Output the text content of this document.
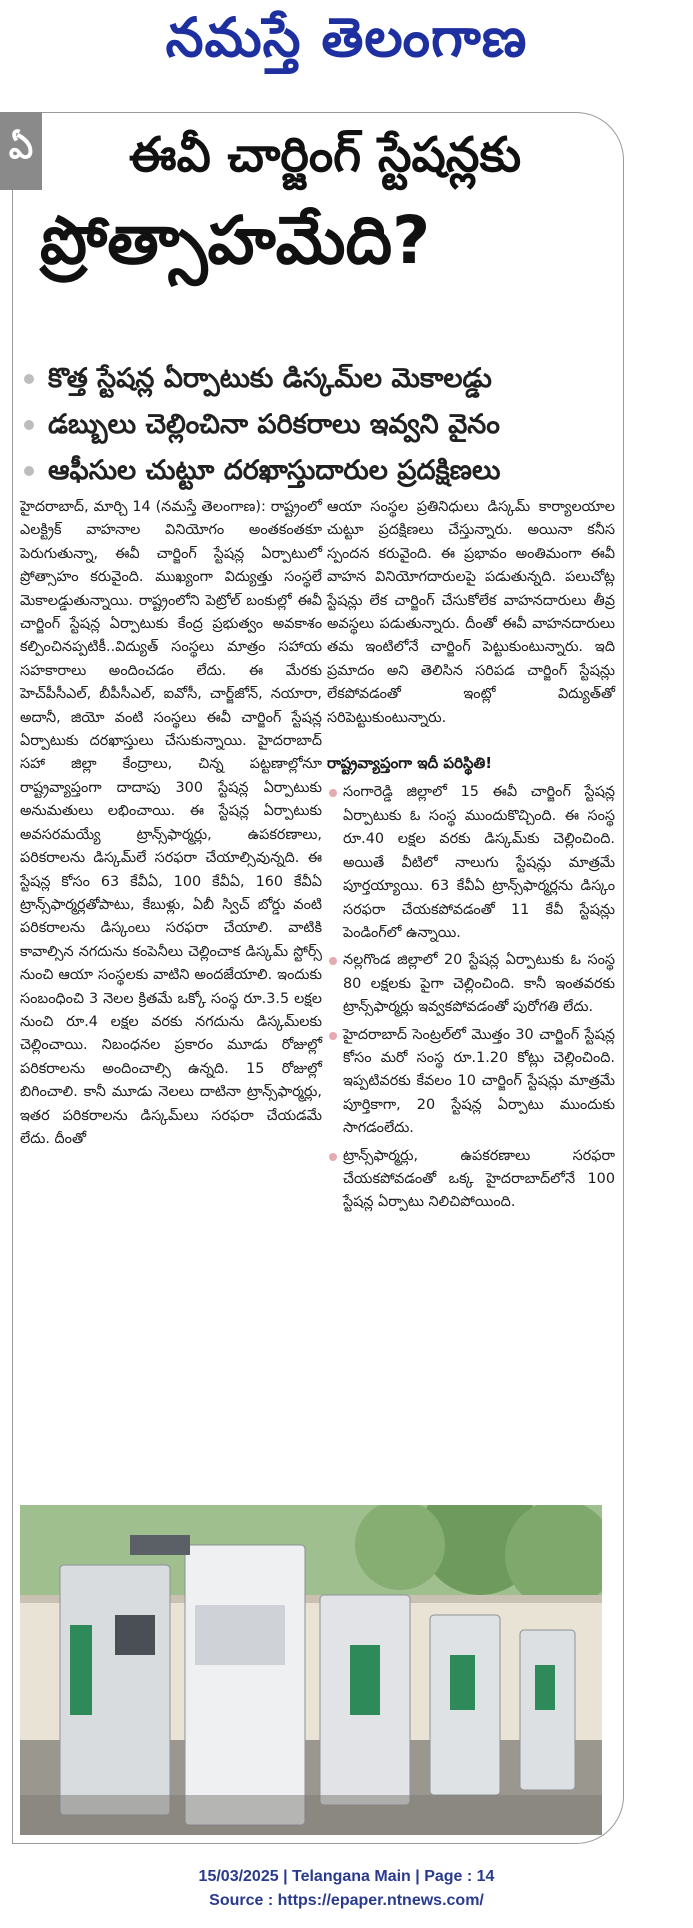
నమస్తే తెలంగాణ
ఏ	ఈవీ చార్జింగ్ స్టేషన్లకు
ప్రోత్సాహమేది?
కొత్త స్టేషన్ల ఏర్పాటుకు డిస్కమ్‌ల మెకాలడ్డు
డబ్బులు చెల్లించినా పరికరాలు ఇవ్వని వైనం
ఆఫీసుల చుట్టూ దరఖాస్తుదారుల ప్రదక్షిణలు

హైదరాబాద్, మార్చి 14 (నమస్తే తెలంగాణ): రాష్ట్రంలో ఎలక్ట్రిక్ వాహనాల వినియోగం అంతకంతకూ పెరుగుతున్నా, ఈవీ చార్జింగ్ స్టేషన్ల ఏర్పాటులో ప్రోత్సాహం కరువైంది. ముఖ్యంగా విద్యుత్తు సంస్థలే మెకాలడ్డుతున్నాయి. రాష్ట్రంలోని పెట్రోల్ బంకుల్లో ఈవీ చార్జింగ్ స్టేషన్ల ఏర్పాటుకు కేంద్ర ప్రభుత్వం అవకాశం కల్పించినప్పటికీ..విద్యుత్ సంస్థలు మాత్రం సహాయ సహకారాలు అందించడం లేదు. ఈ మేరకు హెచ్‌పీసీఎల్, బీపీసీఎల్, ఐవోసీ, చార్జ్‌జోన్, నయారా, అదానీ, జియో వంటి సంస్థలు ఈవీ చార్జింగ్ స్టేషన్ల ఏర్పాటుకు దరఖాస్తులు చేసుకున్నాయి. హైదరాబాద్ సహా జిల్లా కేంద్రాలు, చిన్న పట్టణాల్లోనూ రాష్ట్రవ్యాప్తంగా దాదాపు 300 స్టేషన్ల ఏర్పాటుకు అనుమతులు లభించాయి. ఈ స్టేషన్ల ఏర్పాటుకు అవసరమయ్యే ట్రాన్స్‌ఫార్మర్లు, ఉపకరణాలు, పరికరాలను డిస్కమ్‌లే సరఫరా చేయాల్సివున్నది. ఈ స్టేషన్ల కోసం 63 కేవీఏ, 100 కేవీఏ, 160 కేవీఏ ట్రాన్స్‌ఫార్మర్లతోపాటు, కేబుళ్లు, ఏబీ స్విచ్ బోర్డు వంటి పరికరాలను డిస్కంలు సరఫరా చేయాలి. వాటికి కావాల్సిన నగదును కంపెనీలు చెల్లించాక డిస్కమ్ స్టోర్స్ నుంచి ఆయా సంస్థలకు వాటిని అందజేయాలి. ఇందుకు సంబంధించి 3 నెలల క్రితమే ఒక్కో సంస్థ రూ.3.5 లక్షల నుంచి రూ.4 లక్షల వరకు నగదును డిస్కమ్‌లకు చెల్లించాయి. నిబంధనల ప్రకారం మూడు రోజుల్లో పరికరాలను అందించాల్సి ఉన్నది. 15 రోజుల్లో బిగించాలి. కానీ మూడు నెలలు దాటినా ట్రాన్స్‌ఫార్మర్లు, ఇతర పరికరాలను డిస్కమ్‌లు సరఫరా చేయడమే లేదు. దీంతో

ఆయా సంస్థల ప్రతినిధులు డిస్కమ్ కార్యాలయాల చుట్టూ ప్రదక్షిణలు చేస్తున్నారు. అయినా కనీస స్పందన కరువైంది. ఈ ప్రభావం అంతిమంగా ఈవీ వాహన వినియోగదారులపై పడుతున్నది. పలుచోట్ల స్టేషన్లు లేక చార్జింగ్ చేసుకోలేక వాహనదారులు తీవ్ర అవస్థలు పడుతున్నారు. దీంతో ఈవీ వాహనదారులు తమ ఇంటిలోనే చార్జింగ్ పెట్టుకుంటున్నారు. ఇది ప్రమాదం అని తెలిసిన సరిపడ చార్జింగ్ స్టేషన్లు లేకపోవడంతో ఇంట్లో విద్యుత్‌తో సరిపెట్టుకుంటున్నారు.

రాష్ట్రవ్యాప్తంగా ఇదీ పరిస్థితి!
సంగారెడ్డి జిల్లాలో 15 ఈవీ చార్జింగ్ స్టేషన్ల ఏర్పాటుకు ఓ సంస్థ ముందుకొచ్చింది. ఈ సంస్థ రూ.40 లక్షల వరకు డిస్కమ్‌కు చెల్లించింది. అయితే వీటిలో నాలుగు స్టేషన్లు మాత్రమే పూర్తయ్యాయి. 63 కేవీఏ ట్రాన్స్‌ఫార్మర్లను డిస్కం సరఫరా చేయకపోవడంతో 11 కేవీ స్టేషన్లు పెండింగ్‌లో ఉన్నాయి.
నల్లగొండ జిల్లాలో 20 స్టేషన్ల ఏర్పాటుకు ఓ సంస్థ 80 లక్షలకు పైగా చెల్లించింది. కానీ ఇంతవరకు ట్రాన్స్‌ఫార్మర్లు ఇవ్వకపోవడంతో పురోగతి లేదు.
హైదరాబాద్ సెంట్రల్‌లో మొత్తం 30 చార్జింగ్ స్టేషన్ల కోసం మరో సంస్థ రూ.1.20 కోట్లు చెల్లించింది. ఇప్పటివరకు కేవలం 10 చార్జింగ్ స్టేషన్లు మాత్రమే పూర్తికాగా, 20 స్టేషన్ల ఏర్పాటు ముందుకు సాగడంలేదు.
ట్రాన్స్‌ఫార్మర్లు, ఉపకరణాలు సరఫరా చేయకపోవడంతో ఒక్క హైదరాబాద్‌లోనే 100 స్టేషన్ల ఏర్పాటు నిలిచిపోయింది.
15/03/2025 | Telangana Main | Page : 14
Source : https://epaper.ntnews.com/
